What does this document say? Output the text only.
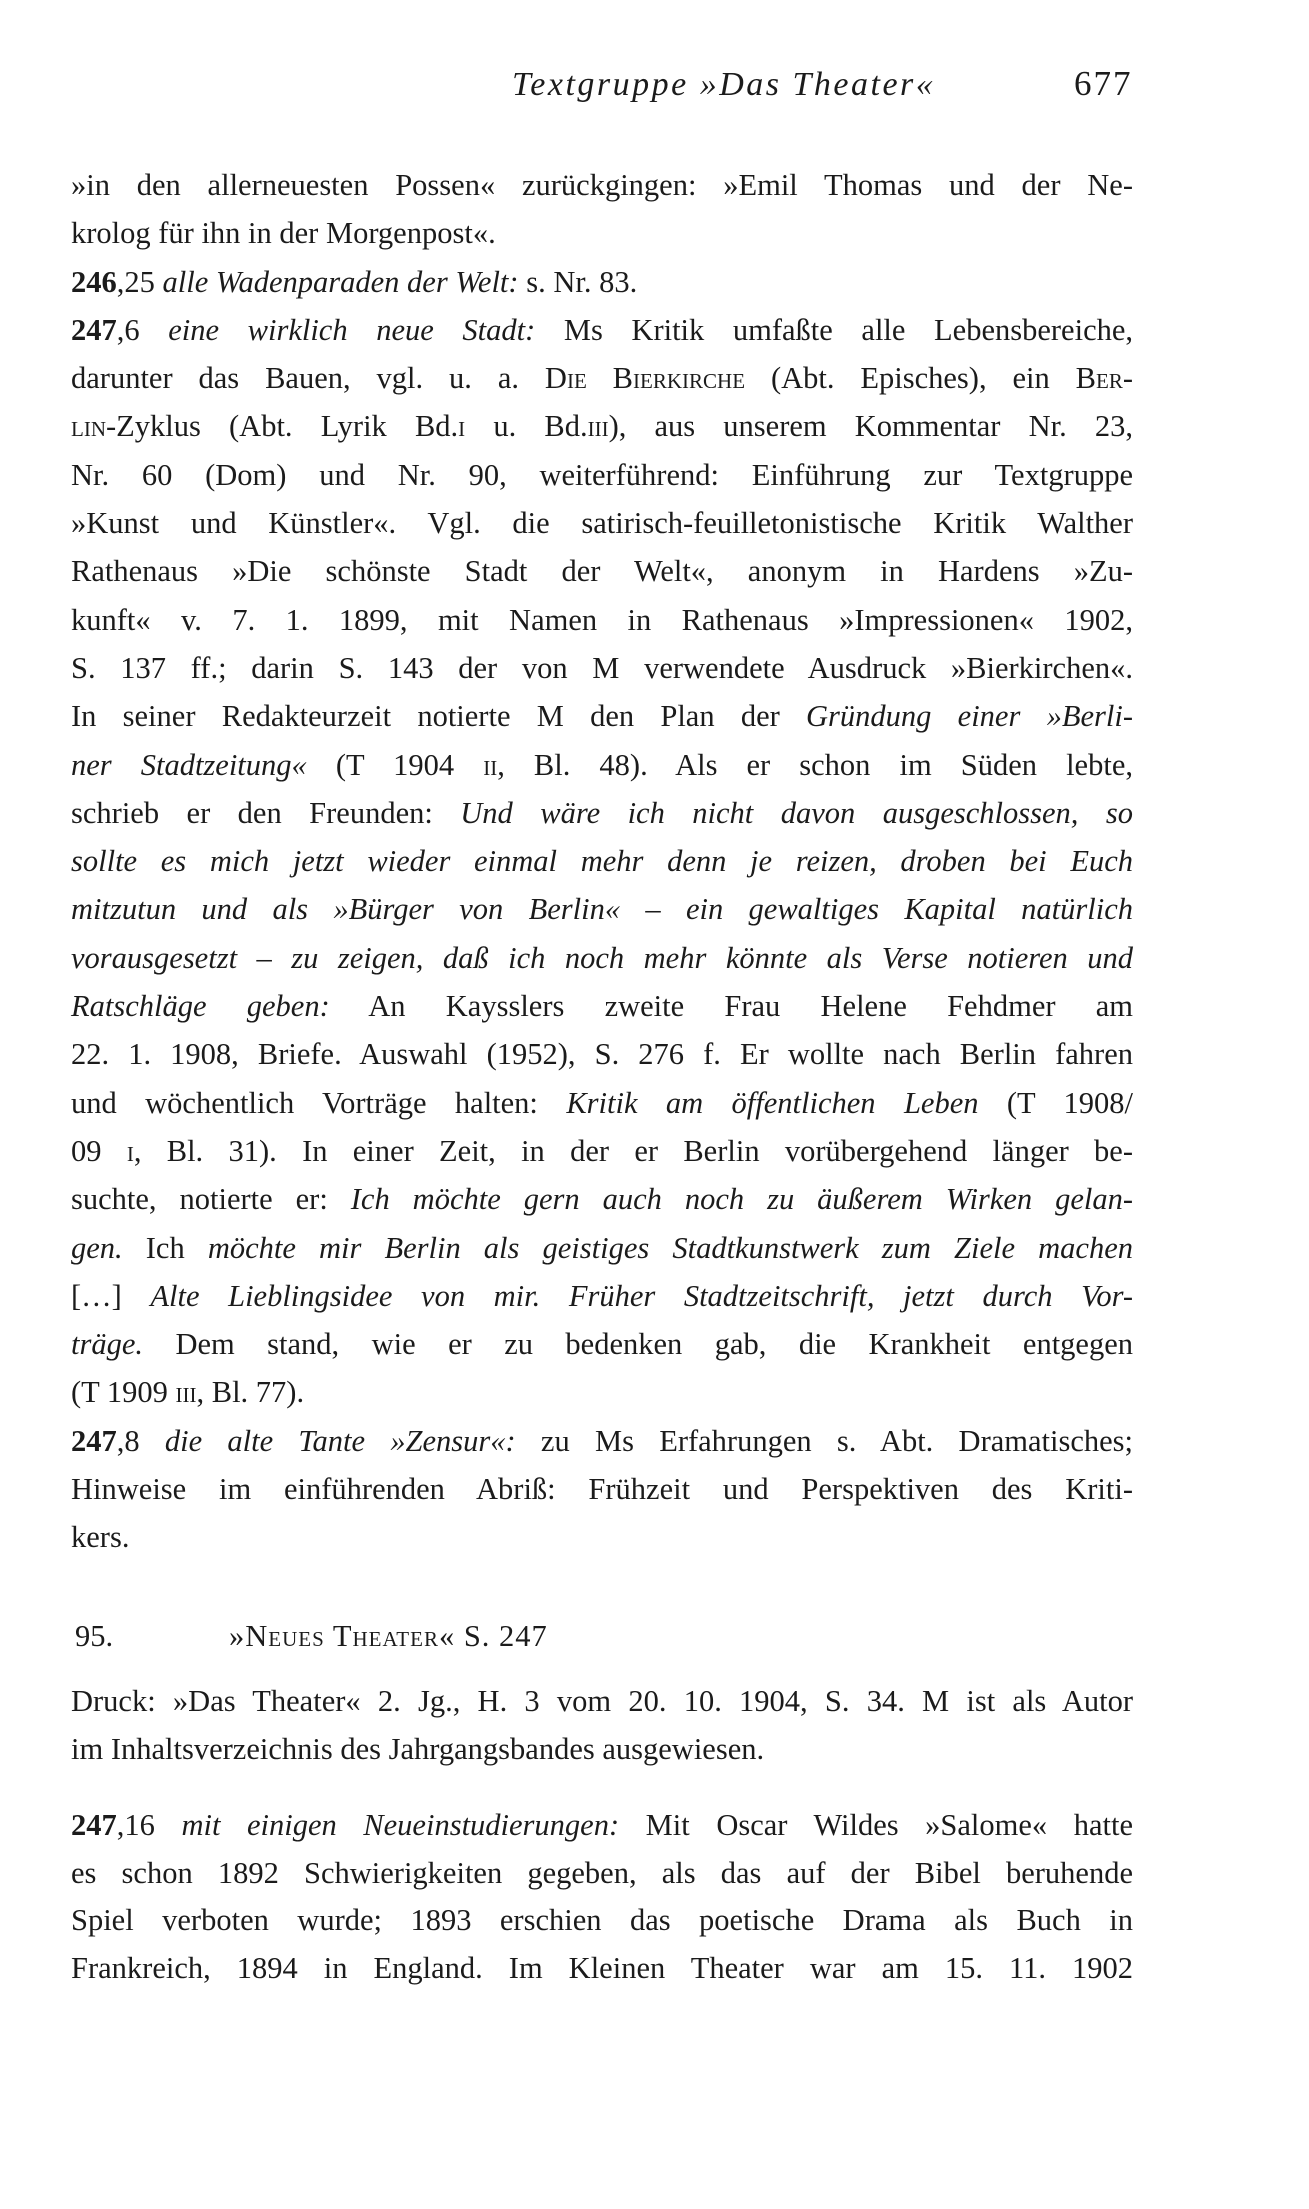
Textgruppe »Das Theater«	677
»in den allerneuesten Possen« zurückgingen: »Emil Thomas und der Ne-
krolog für ihn in der Morgenpost«.
246,25 alle Wadenparaden der Welt: s. Nr. 83.
247,6 eine wirklich neue Stadt: Ms Kritik umfaßte alle Lebensbereiche,
darunter das Bauen, vgl. u. a. Die Bierkirche (Abt. Episches), ein Ber-
lin-Zyklus (Abt. Lyrik Bd.i u. Bd.iii), aus unserem Kommentar Nr. 23,
Nr. 60 (Dom) und Nr. 90, weiterführend: Einführung zur Textgruppe
»Kunst und Künstler«. Vgl. die satirisch-feuilletonistische Kritik Walther
Rathenaus »Die schönste Stadt der Welt«, anonym in Hardens »Zu-
kunft« v. 7. 1. 1899, mit Namen in Rathenaus »Impressionen« 1902,
S. 137 ff.; darin S. 143 der von M verwendete Ausdruck »Bierkirchen«.
In seiner Redakteurzeit notierte M den Plan der Gründung einer »Berli-
ner Stadtzeitung« (T 1904 ii, Bl. 48). Als er schon im Süden lebte,
schrieb er den Freunden: Und wäre ich nicht davon ausgeschlossen, so
sollte es mich jetzt wieder einmal mehr denn je reizen, droben bei Euch
mitzutun und als »Bürger von Berlin« – ein gewaltiges Kapital natürlich
vorausgesetzt – zu zeigen, daß ich noch mehr könnte als Verse notieren und
Ratschläge geben: An Kaysslers zweite Frau Helene Fehdmer am
22. 1. 1908, Briefe. Auswahl (1952), S. 276 f. Er wollte nach Berlin fahren
und wöchentlich Vorträge halten: Kritik am öffentlichen Leben (T 1908/
09 i, Bl. 31). In einer Zeit, in der er Berlin vorübergehend länger be-
suchte, notierte er: Ich möchte gern auch noch zu äußerem Wirken gelan-
gen. Ich möchte mir Berlin als geistiges Stadtkunstwerk zum Ziele machen
[…] Alte Lieblingsidee von mir. Früher Stadtzeitschrift, jetzt durch Vor-
träge. Dem stand, wie er zu bedenken gab, die Krankheit entgegen
(T 1909 iii, Bl. 77).
247,8 die alte Tante »Zensur«: zu Ms Erfahrungen s. Abt. Dramatisches;
Hinweise im einführenden Abriß: Frühzeit und Perspektiven des Kriti-
kers.
95.	»Neues Theater« S. 247
Druck: »Das Theater« 2. Jg., H. 3 vom 20. 10. 1904, S. 34. M ist als Autor
im Inhaltsverzeichnis des Jahrgangsbandes ausgewiesen.
247,16 mit einigen Neueinstudierungen: Mit Oscar Wildes »Salome« hatte
es schon 1892 Schwierigkeiten gegeben, als das auf der Bibel beruhende
Spiel verboten wurde; 1893 erschien das poetische Drama als Buch in
Frankreich, 1894 in England. Im Kleinen Theater war am 15. 11. 1902
